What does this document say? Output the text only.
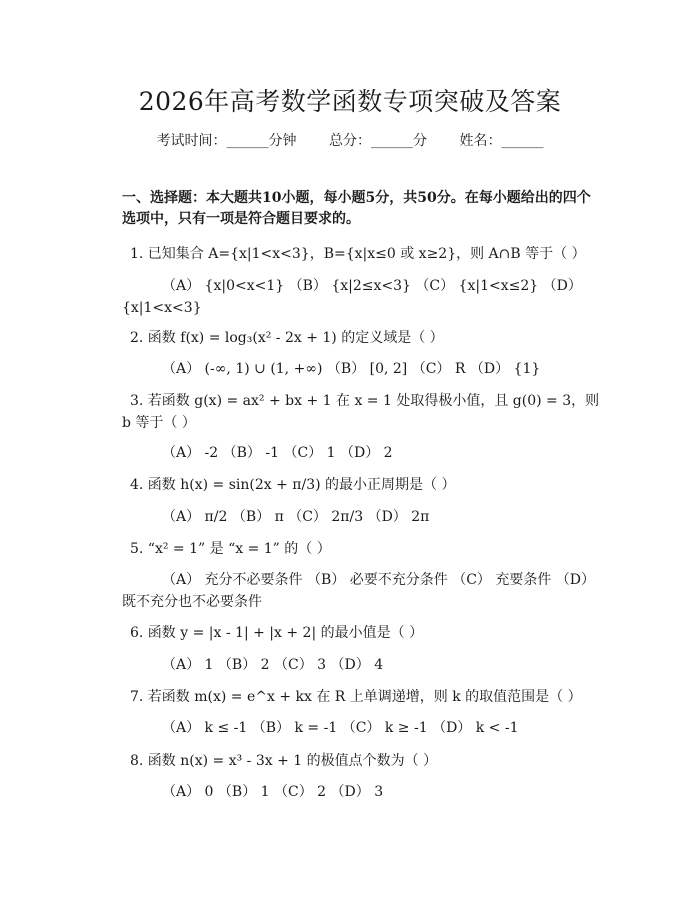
2026年高考数学函数专项突破及答案
考试时间：______分钟 总分：______分 姓名：______
一、选择题：本大题共10小题，每小题5分，共50分。在每小题给出的四个选项中，只有一项是符合题目要求的。
1. 已知集合 A={x|1<x<3}，B={x|x≤0 或 x≥2}，则 A∩B 等于（ ）
（A） {x|0<x<1} （B） {x|2≤x<3} （C） {x|1<x≤2} （D） {x|1<x<3}
2. 函数 f(x) = log₃(x² - 2x + 1) 的定义域是（ ）
（A） (-∞, 1) ∪ (1, +∞) （B） [0, 2] （C） R （D） {1}
3. 若函数 g(x) = ax² + bx + 1 在 x = 1 处取得极小值，且 g(0) = 3，则 b 等于（ ）
（A） -2 （B） -1 （C） 1 （D） 2
4. 函数 h(x) = sin(2x + π/3) 的最小正周期是（ ）
（A） π/2 （B） π （C） 2π/3 （D） 2π
5. “x² = 1” 是 “x = 1” 的（ ）
（A） 充分不必要条件 （B） 必要不充分条件 （C） 充要条件 （D） 既不充分也不必要条件
6. 函数 y = |x - 1| + |x + 2| 的最小值是（ ）
（A） 1 （B） 2 （C） 3 （D） 4
7. 若函数 m(x) = e^x + kx 在 R 上单调递增，则 k 的取值范围是（ ）
（A） k ≤ -1 （B） k = -1 （C） k ≥ -1 （D） k < -1
8. 函数 n(x) = x³ - 3x + 1 的极值点个数为（ ）
（A） 0 （B） 1 （C） 2 （D） 3
